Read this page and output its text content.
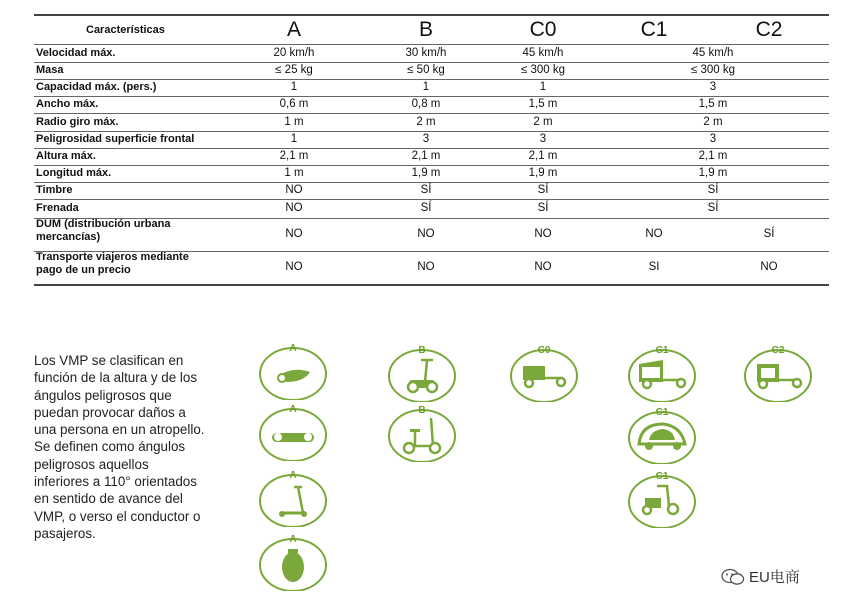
Características	A	B	C0	C1	C2
Velocidad máx.	20 km/h	30 km/h	45 km/h	45 km/h
Masa	≤ 25 kg	≤ 50 kg	≤ 300 kg	≤ 300 kg
Capacidad máx. (pers.)	1	1	1	3
Ancho máx.	0,6 m	0,8 m	1,5 m	1,5 m
Radio giro máx.	1 m	2 m	2 m	2 m
Peligrosidad superficie frontal	1	3	3	3
Altura máx.	2,1 m	2,1 m	2,1 m	2,1 m
Longitud máx.	1 m	1,9 m	1,9 m	1,9 m
Timbre	NO	SÍ	SÍ	SÍ
Frenada	NO	SÍ	SÍ	SÍ
DUM (distribución urbana
mercancías)	NO	NO	NO	NO	SÍ
Transporte viajeros mediante
pago de un precio	NO	NO	NO	SI	NO
Los VMP se clasifican en
función de la altura y de los
ángulos peligrosos que
puedan provocar daños a
una persona en un atropello.
Se definen como ángulos
peligrosos aquellos
inferiores a 110° orientados
en sentido de avance del
VMP, o verso el conductor o
pasajeros.
A
A
A
A
B
B
C0	C1
C1
C1
C2
EU电商
